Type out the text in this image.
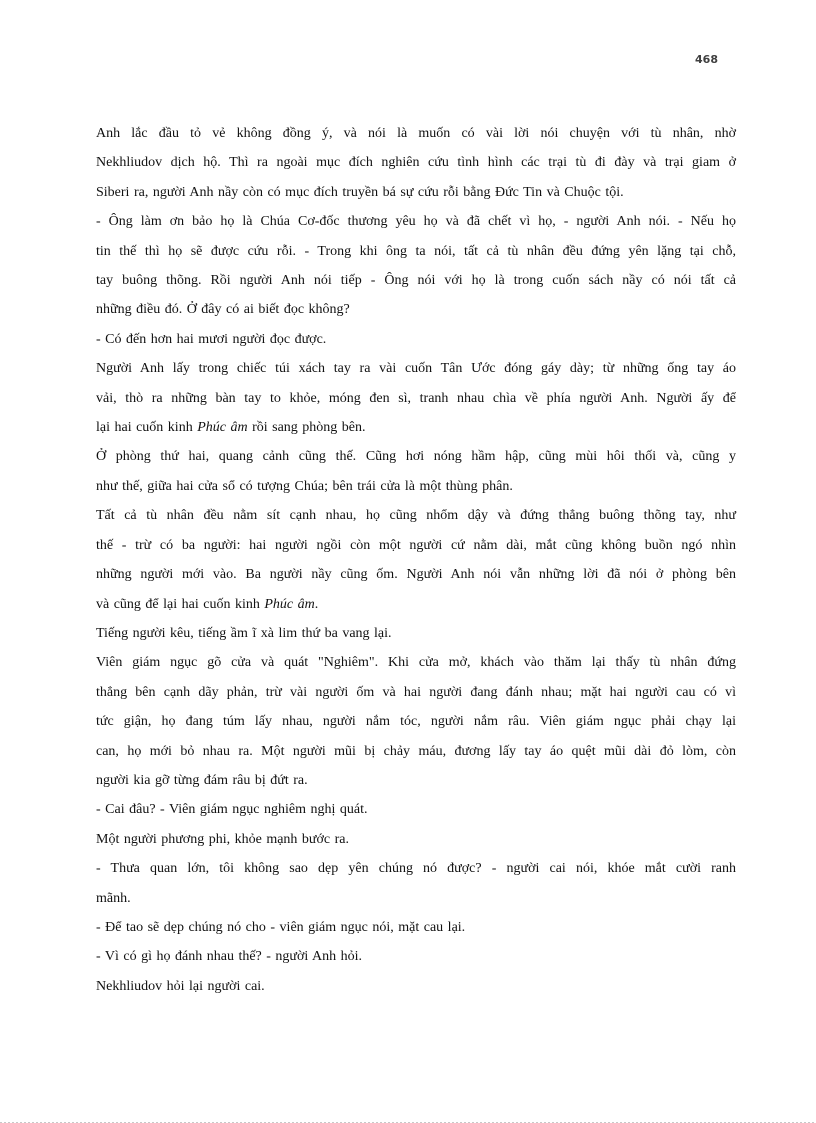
468
Anh lắc đầu tỏ vẻ không đồng ý, và nói là muốn có vài lời nói chuyện với tù nhân, nhờ
Nekhliudov dịch hộ. Thì ra ngoài mục đích nghiên cứu tình hình các trại tù đi đày và trại giam ở
Siberi ra, người Anh nầy còn có mục đích truyền bá sự cứu rỗi bằng Đức Tin và Chuộc tội.
- Ông làm ơn bảo họ là Chúa Cơ-đốc thương yêu họ và đã chết vì họ, - người Anh nói. - Nếu họ
tin thế thì họ sẽ được cứu rỗi. - Trong khi ông ta nói, tất cả tù nhân đều đứng yên lặng tại chỗ,
tay buông thõng. Rồi người Anh nói tiếp - Ông nói với họ là trong cuốn sách nầy có nói tất cả
những điều đó. Ở đây có ai biết đọc không?
- Có đến hơn hai mươi người đọc được.
Người Anh lấy trong chiếc túi xách tay ra vài cuốn Tân Ước đóng gáy dày; từ những ống tay áo
vải, thò ra những bàn tay to khỏe, móng đen sì, tranh nhau chìa về phía người Anh. Người ấy để
lại hai cuốn kinh Phúc âm rồi sang phòng bên.
Ở phòng thứ hai, quang cảnh cũng thế. Cũng hơi nóng hầm hập, cũng mùi hôi thối và, cũng y
như thế, giữa hai cửa sổ có tượng Chúa; bên trái cửa là một thùng phân.
Tất cả tù nhân đều nằm sít cạnh nhau, họ cũng nhổm dậy và đứng thẳng buông thõng tay, như
thế - trừ có ba người: hai người ngồi còn một người cứ nằm dài, mắt cũng không buồn ngó nhìn
những người mới vào. Ba người nầy cũng ốm. Người Anh nói vẫn những lời đã nói ở phòng bên
và cũng để lại hai cuốn kinh Phúc âm.
Tiếng người kêu, tiếng ầm ĩ xà lim thứ ba vang lại.
Viên giám ngục gõ cửa và quát "Nghiêm". Khi cửa mở, khách vào thăm lại thấy tù nhân đứng
thẳng bên cạnh dãy phản, trừ vài người ốm và hai người đang đánh nhau; mặt hai người cau có vì
tức giận, họ đang túm lấy nhau, người nắm tóc, người nắm râu. Viên giám ngục phải chạy lại
can, họ mới bỏ nhau ra. Một người mũi bị chảy máu, đương lấy tay áo quệt mũi dài đỏ lòm, còn
người kia gỡ từng đám râu bị đứt ra.
- Cai đâu? - Viên giám ngục nghiêm nghị quát.
Một người phương phi, khỏe mạnh bước ra.
- Thưa quan lớn, tôi không sao dẹp yên chúng nó được? - người cai nói, khóe mắt cười ranh
mãnh.
- Để tao sẽ dẹp chúng nó cho - viên giám ngục nói, mặt cau lại.
- Vì có gì họ đánh nhau thế? - người Anh hỏi.
Nekhliudov hỏi lại người cai.
